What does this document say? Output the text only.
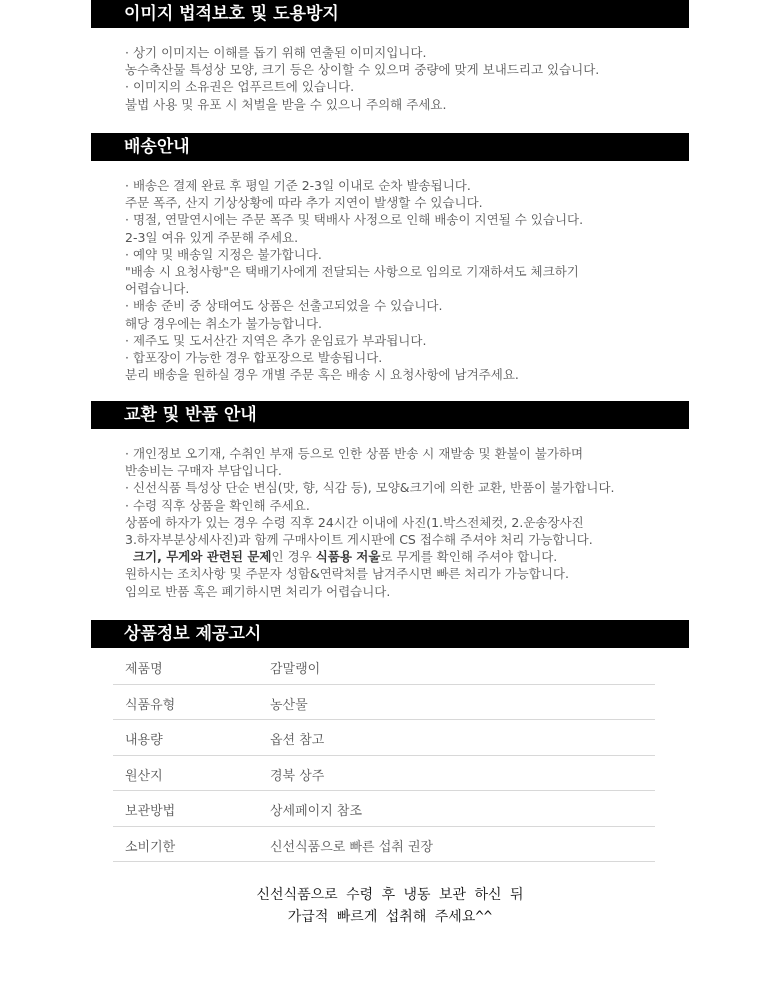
이미지 법적보호 및 도용방지
· 상기 이미지는 이해를 돕기 위해 연출된 이미지입니다.
농수축산물 특성상 모양, 크기 등은 상이할 수 있으며 중량에 맞게 보내드리고 있습니다.
· 이미지의 소유권은 업푸르트에 있습니다.
불법 사용 및 유포 시 처벌을 받을 수 있으니 주의해 주세요.
배송안내
· 배송은 결제 완료 후 평일 기준 2-3일 이내로 순차 발송됩니다.
주문 폭주, 산지 기상상황에 따라 추가 지연이 발생할 수 있습니다.
· 명절, 연말연시에는 주문 폭주 및 택배사 사정으로 인해 배송이 지연될 수 있습니다.
2-3일 여유 있게 주문해 주세요.
· 예약 및 배송일 지정은 불가합니다.
"배송 시 요청사항"은 택배기사에게 전달되는 사항으로 임의로 기재하셔도 체크하기
어렵습니다.
· 배송 준비 중 상태여도 상품은 선출고되었을 수 있습니다.
해당 경우에는 취소가 불가능합니다.
· 제주도 및 도서산간 지역은 추가 운임료가 부과됩니다.
· 합포장이 가능한 경우 합포장으로 발송됩니다.
분리 배송을 원하실 경우 개별 주문 혹은 배송 시 요청사항에 남겨주세요.
교환 및 반품 안내
· 개인정보 오기재, 수취인 부재 등으로 인한 상품 반송 시 재발송 및 환불이 불가하며
반송비는 구매자 부담입니다.
· 신선식품 특성상 단순 변심(맛, 향, 식감 등), 모양&크기에 의한 교환, 반품이 불가합니다.
· 수령 직후 상품을 확인해 주세요.
상품에 하자가 있는 경우 수령 직후 24시간 이내에 사진(1.박스전체컷, 2.운송장사진
3.하자부분상세사진)과 함께 구매사이트 게시판에 CS 접수해 주셔야 처리 가능합니다.
크기, 무게와 관련된 문제인 경우 식품용 저울로 무게를 확인해 주셔야 합니다.
원하시는 조치사항 및 주문자 성함&연락처를 남겨주시면 빠른 처리가 가능합니다.
임의로 반품 혹은 폐기하시면 처리가 어렵습니다.
상품정보 제공고시
제품명	감말랭이
식품유형	농산물
내용량	옵션 참고
원산지	경북 상주
보관방법	상세페이지 참조
소비기한	신선식품으로 빠른 섭취 권장
신선식품으로 수령 후 냉동 보관 하신 뒤
가급적 빠르게 섭취해 주세요^^
